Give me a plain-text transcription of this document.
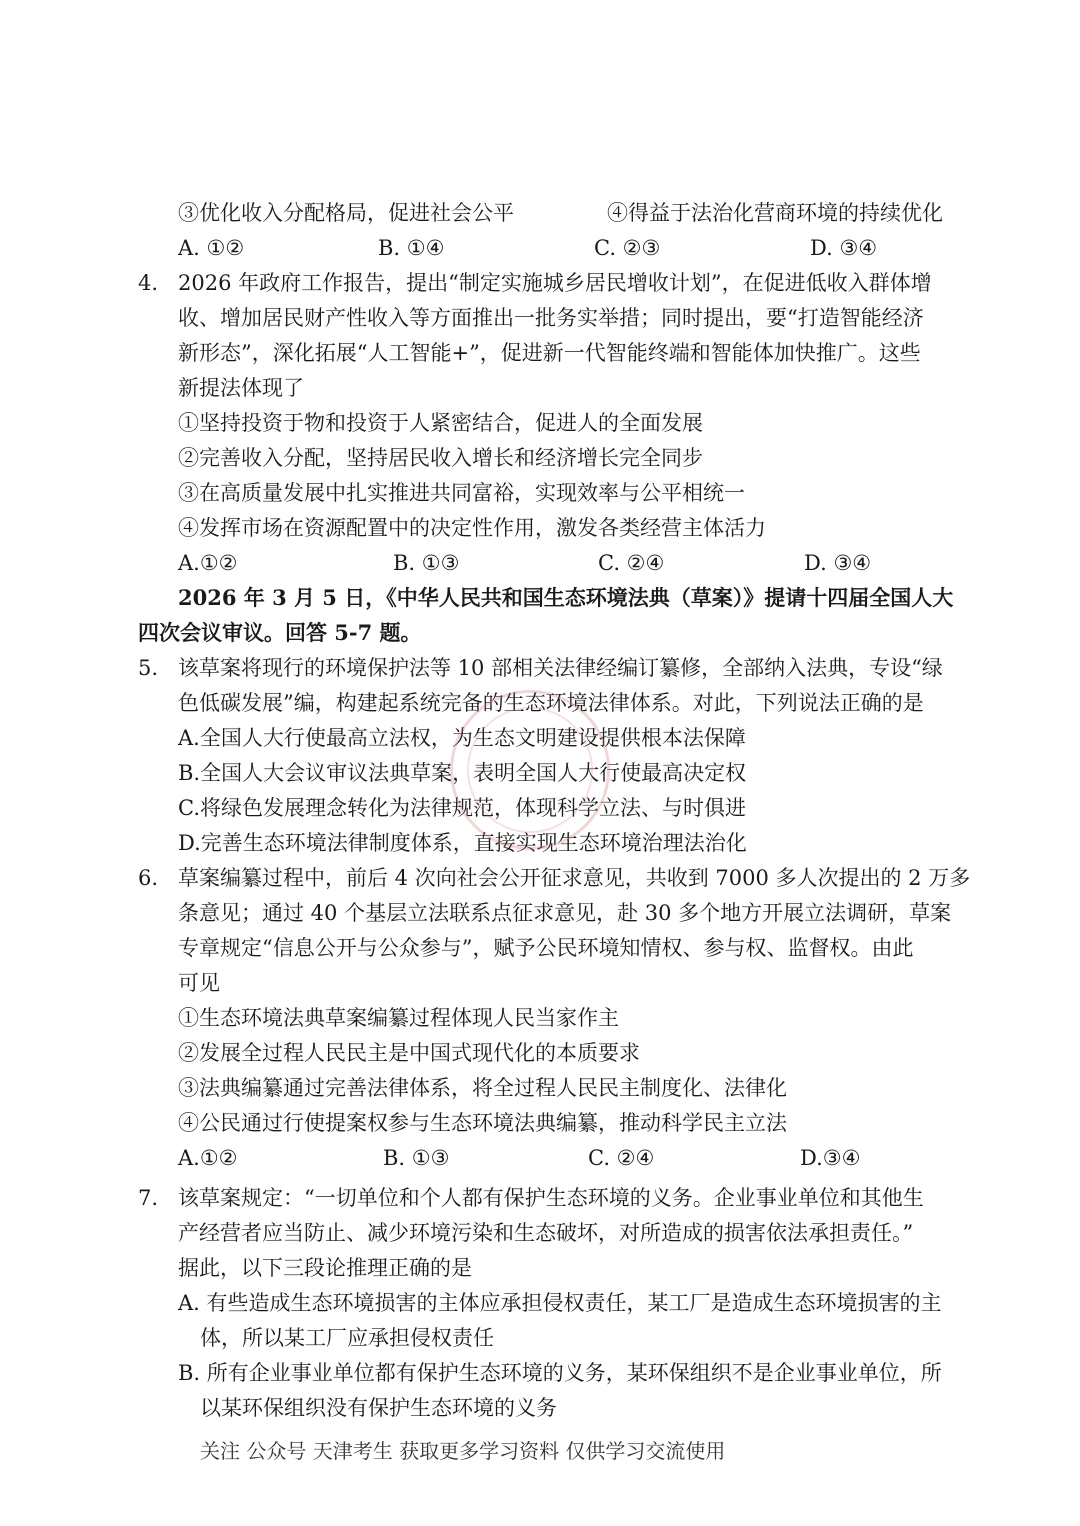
③优化收入分配格局，促进社会公平	④得益于法治化营商环境的持续优化
A. ①②	B. ①④	C. ②③	D. ③④
4. 2026 年政府工作报告，提出“制定实施城乡居民增收计划”，在促进低收入群体增
收、增加居民财产性收入等方面推出一批务实举措；同时提出，要“打造智能经济
新形态”，深化拓展“人工智能+”，促进新一代智能终端和智能体加快推广。这些
新提法体现了
①坚持投资于物和投资于人紧密结合，促进人的全面发展
②完善收入分配，坚持居民收入增长和经济增长完全同步
③在高质量发展中扎实推进共同富裕，实现效率与公平相统一
④发挥市场在资源配置中的决定性作用，激发各类经营主体活力
A.①②	B. ①③	C. ②④	D. ③④
2026 年 3 月 5 日，《中华人民共和国生态环境法典（草案）》提请十四届全国人大
四次会议审议。回答 5-7 题。
5. 该草案将现行的环境保护法等 10 部相关法律经编订纂修，全部纳入法典，专设“绿
色低碳发展”编，构建起系统完备的生态环境法律体系。对此，下列说法正确的是
A.全国人大行使最高立法权，为生态文明建设提供根本法保障
B.全国人大会议审议法典草案，表明全国人大行使最高决定权
C.将绿色发展理念转化为法律规范，体现科学立法、与时俱进
D.完善生态环境法律制度体系，直接实现生态环境治理法治化
6. 草案编纂过程中，前后 4 次向社会公开征求意见，共收到 7000 多人次提出的 2 万多
条意见；通过 40 个基层立法联系点征求意见，赴 30 多个地方开展立法调研，草案
专章规定“信息公开与公众参与”，赋予公民环境知情权、参与权、监督权。由此
可见
①生态环境法典草案编纂过程体现人民当家作主
②发展全过程人民民主是中国式现代化的本质要求
③法典编纂通过完善法律体系，将全过程人民民主制度化、法律化
④公民通过行使提案权参与生态环境法典编纂，推动科学民主立法
A.①②	B. ①③	C. ②④	D.③④
7. 该草案规定：“一切单位和个人都有保护生态环境的义务。企业事业单位和其他生
产经营者应当防止、减少环境污染和生态破坏，对所造成的损害依法承担责任。”
据此，以下三段论推理正确的是
A. 有些造成生态环境损害的主体应承担侵权责任，某工厂是造成生态环境损害的主
体，所以某工厂应承担侵权责任
B. 所有企业事业单位都有保护生态环境的义务，某环保组织不是企业事业单位，所
以某环保组织没有保护生态环境的义务
关注 公众号 天津考生 获取更多学习资料 仅供学习交流使用
